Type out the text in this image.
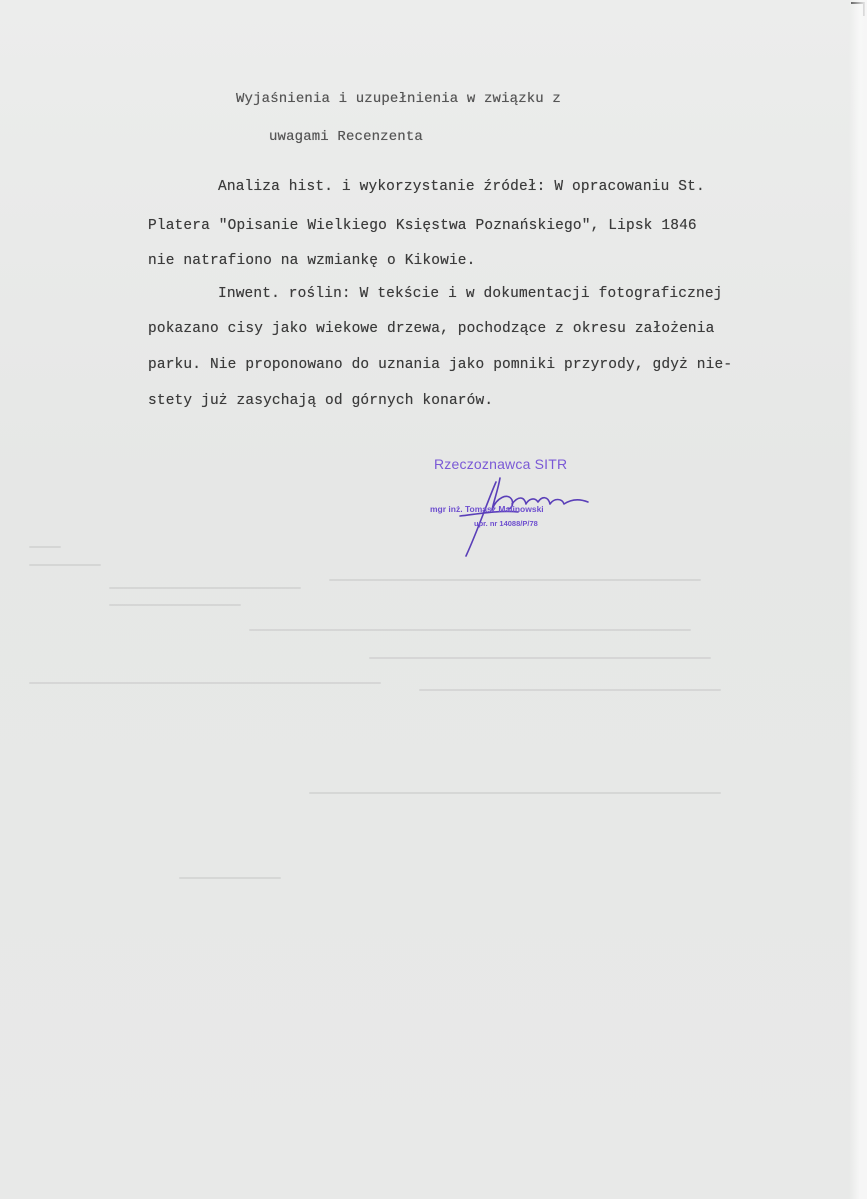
Wyjaśnienia i uzupełnienia w związku z
uwagami Recenzenta
Analiza hist. i wykorzystanie źródeł: W opracowaniu St.
Platera "Opisanie Wielkiego Księstwa Poznańskiego", Lipsk 1846
nie natrafiono na wzmiankę o Kikowie.
Inwent. roślin: W tekście i w dokumentacji fotograficznej
pokazano cisy jako wiekowe drzewa, pochodzące z okresu założenia
parku. Nie proponowano do uznania jako pomniki przyrody, gdyż nie-
stety już zasychają od górnych konarów.
Rzeczoznawca SITR
mgr inż. Tomasz Malinowski
upr. nr 14088/P/78
